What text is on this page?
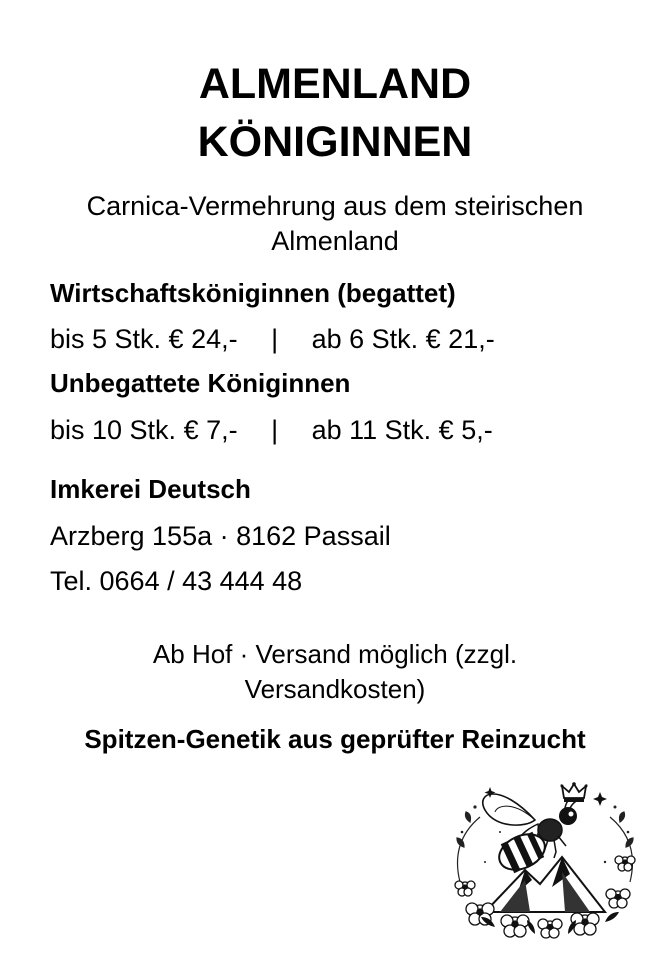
ALMENLAND
KÖNIGINNEN

Carnica-Vermehrung aus dem steirischen Almenland

Wirtschaftsköniginnen (begattet)
bis 5 Stk. € 24,- | ab 6 Stk. € 21,-
Unbegattete Königinnen
bis 10 Stk. € 7,- | ab 11 Stk. € 5,-
Imkerei Deutsch
Arzberg 155a · 8162 Passail
Tel. 0664 / 43 444 48

Ab Hof · Versand möglich (zzgl. Versandkosten)

Spitzen-Genetik aus geprüfter Reinzucht
